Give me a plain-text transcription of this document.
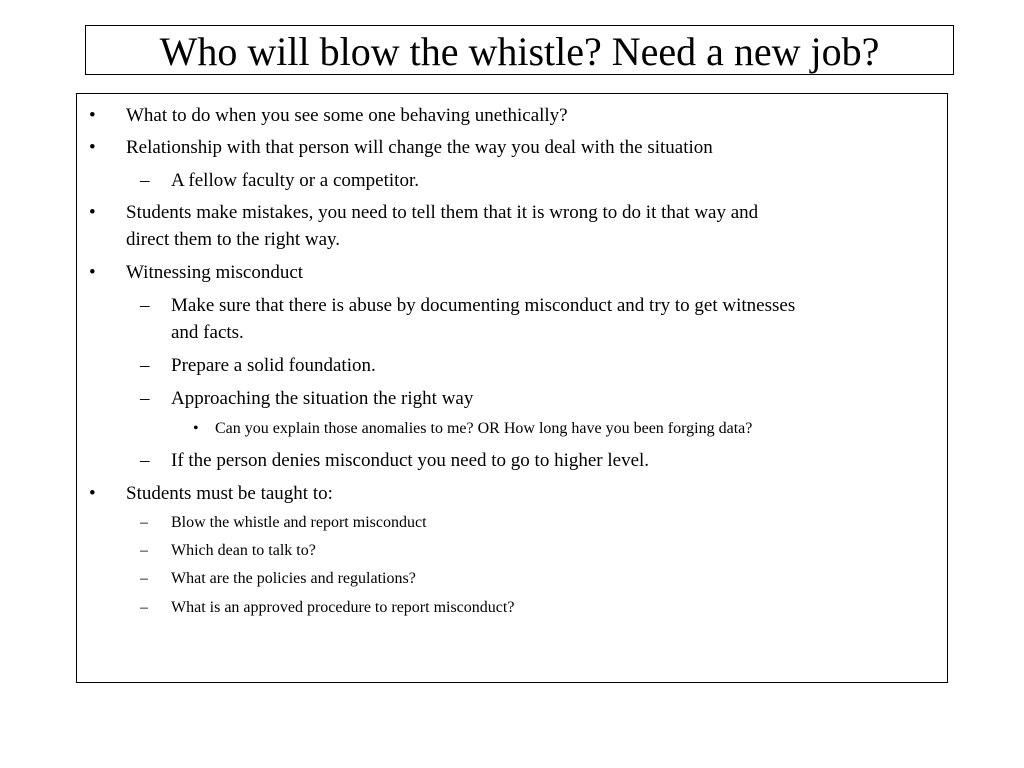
Who will blow the whistle? Need a new job?
• What to do when you see some one behaving unethically?
• Relationship with that person will change the way you deal with the situation
– A fellow faculty or a competitor.
• Students make mistakes, you need to tell them that it is wrong to do it that way and
direct them to the right way.
• Witnessing misconduct
– Make sure that there is abuse by documenting misconduct and try to get witnesses
and facts.
– Prepare a solid foundation.
– Approaching the situation the right way
• Can you explain those anomalies to me? OR How long have you been forging data?
– If the person denies misconduct you need to go to higher level.
• Students must be taught to:
– Blow the whistle and report misconduct
– Which dean to talk to?
– What are the policies and regulations?
– What is an approved procedure to report misconduct?
